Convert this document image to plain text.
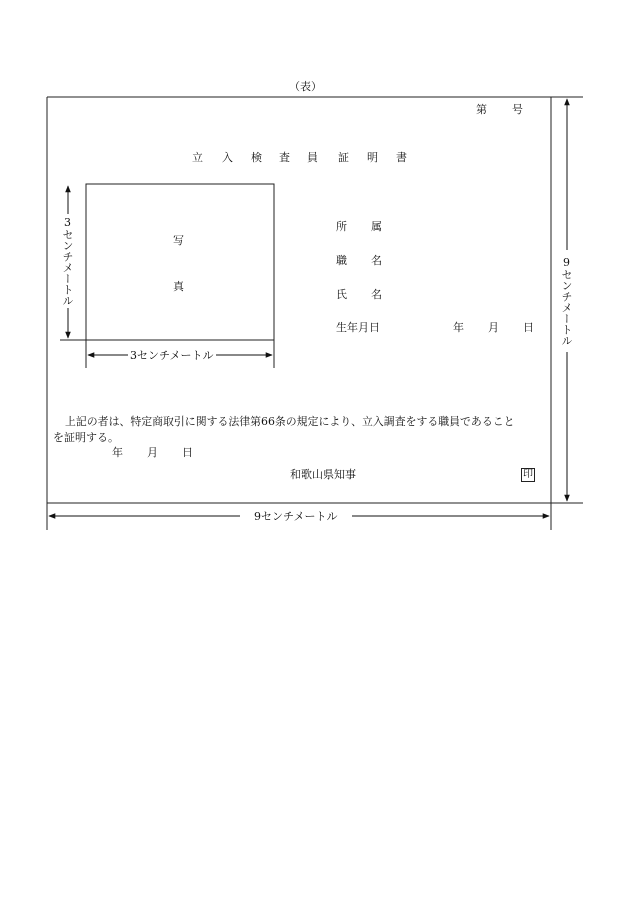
（表）
第 号
立 入 検 査 員 証 明 書
写
真
3センチメートル
3センチメートル	所 属
職 名
氏 名
生年月日	年 月 日
上記の者は、特定商取引に関する法律第66条の規定により、立入調査をする職員であること
を証明する。
年 月 日
和歌山県知事	印
9センチメートル
9センチメートル
